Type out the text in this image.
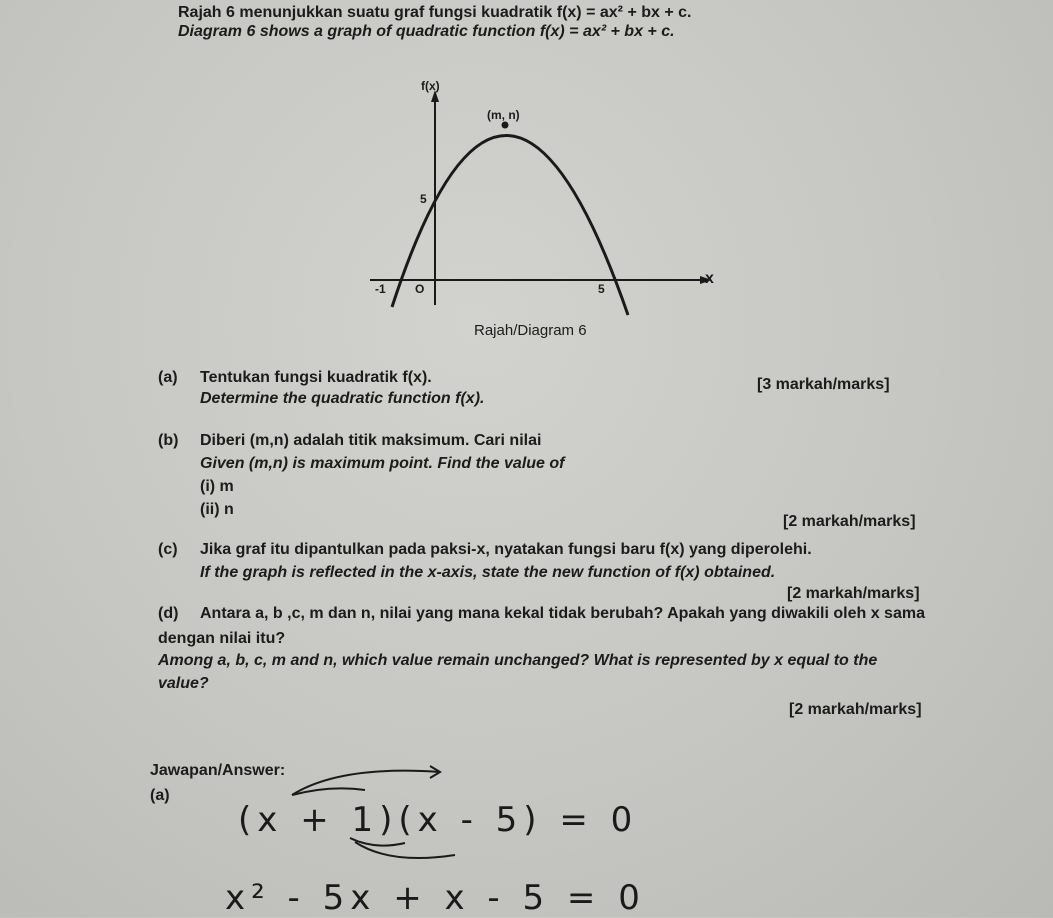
Rajah 6 menunjukkan suatu graf fungsi kuadratik f(x) = ax² + bx + c.
Diagram 6 shows a graph of quadratic function f(x) = ax² + bx + c.
f(x)
x
(m, n)
5
-1 O	5
Rajah/Diagram 6
(a) Tentukan fungsi kuadratik f(x).
Determine the quadratic function f(x).
[3 markah/marks]
(b) Diberi (m,n) adalah titik maksimum. Cari nilai
Given (m,n) is maximum point. Find the value of
(i) m
(ii) n
[2 markah/marks]
(c) Jika graf itu dipantulkan pada paksi-x, nyatakan fungsi baru f(x) yang diperolehi.
If the graph is reflected in the x-axis, state the new function of f(x) obtained.
[2 markah/marks]
(d) Antara a, b ,c, m dan n, nilai yang mana kekal tidak berubah? Apakah yang diwakili oleh x sama
dengan nilai itu?
Among a, b, c, m and n, which value remain unchanged? What is represented by x equal to the
value?
[2 markah/marks]
Jawapan/Answer:
(a)
(x + 1)(x - 5) = 0
x² - 5x + x - 5 = 0
